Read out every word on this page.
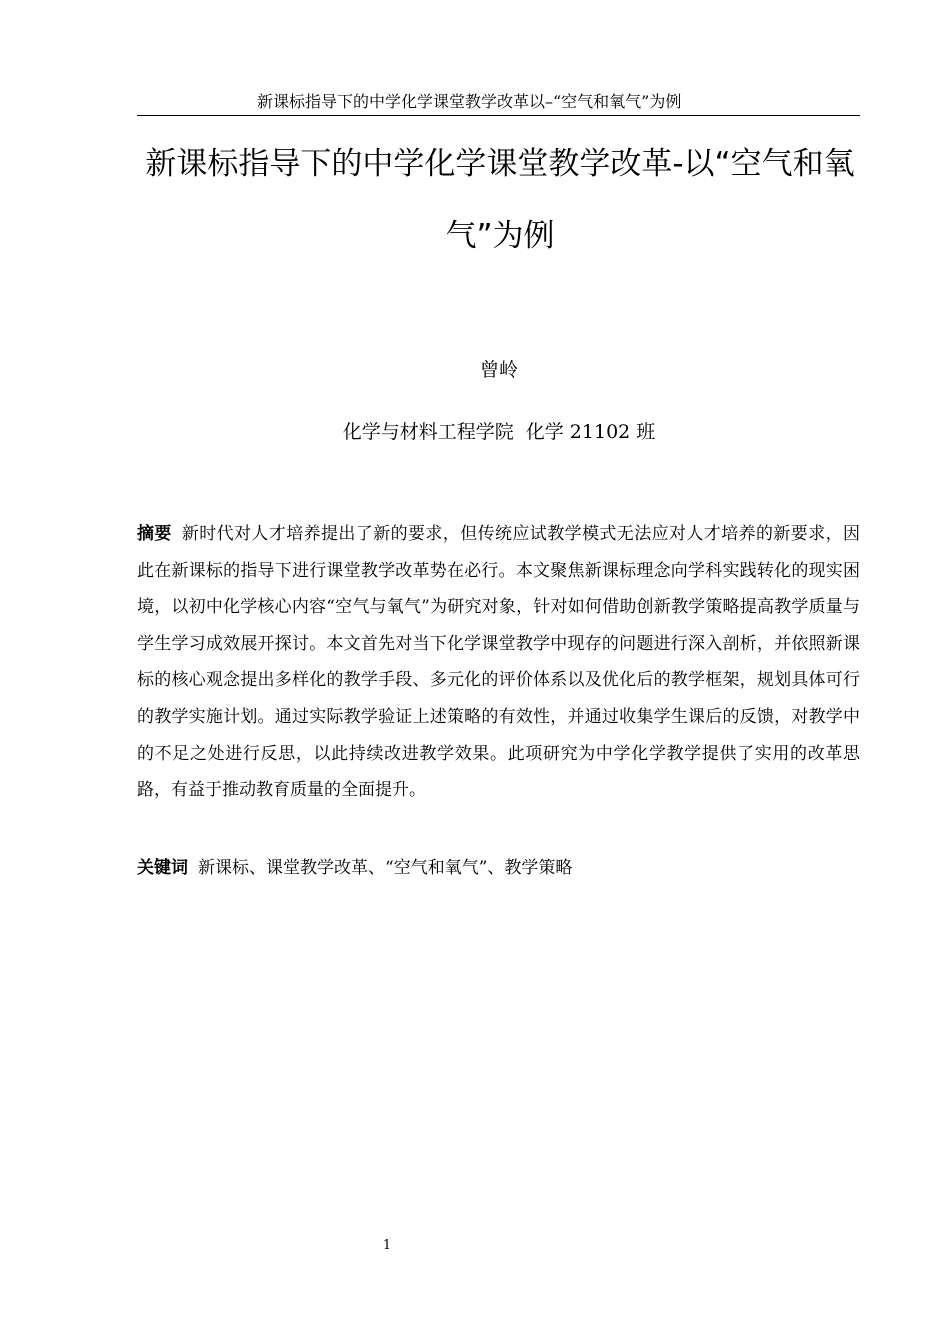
新课标指导下的中学化学课堂教学改革以–“空气和氧气”为例
新课标指导下的中学化学课堂教学改革-以“空气和氧气”为例

曾岭

化学与材料工程学院  化学 21102 班

摘要 新时代对人才培养提出了新的要求，但传统应试教学模式无法应对人才培养的新要求，因此在新课标的指导下进行课堂教学改革势在必行。本文聚焦新课标理念向学科实践转化的现实困境，以初中化学核心内容“空气与氧气”为研究对象，针对如何借助创新教学策略提高教学质量与学生学习成效展开探讨。本文首先对当下化学课堂教学中现存的问题进行深入剖析，并依照新课标的核心观念提出多样化的教学手段、多元化的评价体系以及优化后的教学框架，规划具体可行的教学实施计划。通过实际教学验证上述策略的有效性，并通过收集学生课后的反馈，对教学中的不足之处进行反思，以此持续改进教学效果。此项研究为中学化学教学提供了实用的改革思路，有益于推动教育质量的全面提升。

关键词 新课标、课堂教学改革、“空气和氧气”、教学策略

1
